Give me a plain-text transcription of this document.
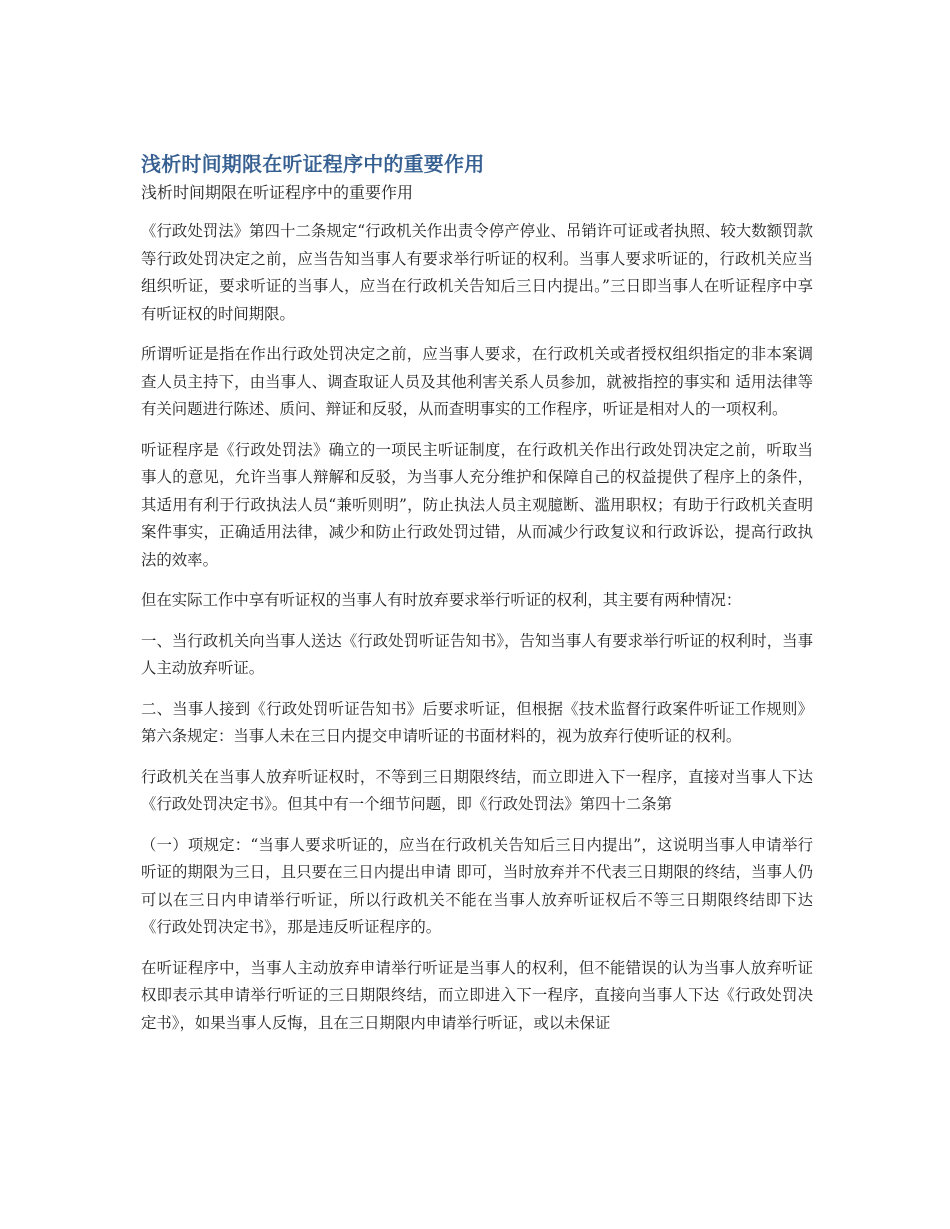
浅析时间期限在听证程序中的重要作用

浅析时间期限在听证程序中的重要作用

《行政处罚法》第四十二条规定“行政机关作出责令停产停业、吊销许可证或者执照、较大数额罚款等行政处罚决定之前，应当告知当事人有要求举行听证的权利。当事人要求听证的，行政机关应当组织听证，要求听证的当事人，应当在行政机关告知后三日内提出。”三日即当事人在听证程序中享有听证权的时间期限。

所谓听证是指在作出行政处罚决定之前，应当事人要求，在行政机关或者授权组织指定的非本案调查人员主持下，由当事人、调查取证人员及其他利害关系人员参加，就被指控的事实和 适用法律等有关问题进行陈述、质问、辩证和反驳，从而查明事实的工作程序，听证是相对人的一项权利。

听证程序是《行政处罚法》确立的一项民主听证制度，在行政机关作出行政处罚决定之前，听取当事人的意见，允许当事人辩解和反驳，为当事人充分维护和保障自己的权益提供了程序上的条件，其适用有利于行政执法人员“兼听则明”，防止执法人员主观臆断、滥用职权；有助于行政机关查明案件事实，正确适用法律，减少和防止行政处罚过错，从而减少行政复议和行政诉讼，提高行政执法的效率。

但在实际工作中享有听证权的当事人有时放弃要求举行听证的权利，其主要有两种情况：

一、当行政机关向当事人送达《行政处罚听证告知书》，告知当事人有要求举行听证的权利时，当事人主动放弃听证。

二、当事人接到《行政处罚听证告知书》后要求听证，但根据《技术监督行政案件听证工作规则》第六条规定：当事人未在三日内提交申请听证的书面材料的，视为放弃行使听证的权利。

行政机关在当事人放弃听证权时，不等到三日期限终结，而立即进入下一程序，直接对当事人下达《行政处罚决定书》。但其中有一个细节问题，即《行政处罚法》第四十二条第

（一）项规定：“当事人要求听证的，应当在行政机关告知后三日内提出”，这说明当事人申请举行听证的期限为三日，且只要在三日内提出申请 即可，当时放弃并不代表三日期限的终结，当事人仍可以在三日内申请举行听证，所以行政机关不能在当事人放弃听证权后不等三日期限终结即下达《行政处罚决定书》，那是违反听证程序的。

在听证程序中，当事人主动放弃申请举行听证是当事人的权利，但不能错误的认为当事人放弃听证权即表示其申请举行听证的三日期限终结，而立即进入下一程序，直接向当事人下达《行政处罚决定书》，如果当事人反悔，且在三日期限内申请举行听证，或以未保证
